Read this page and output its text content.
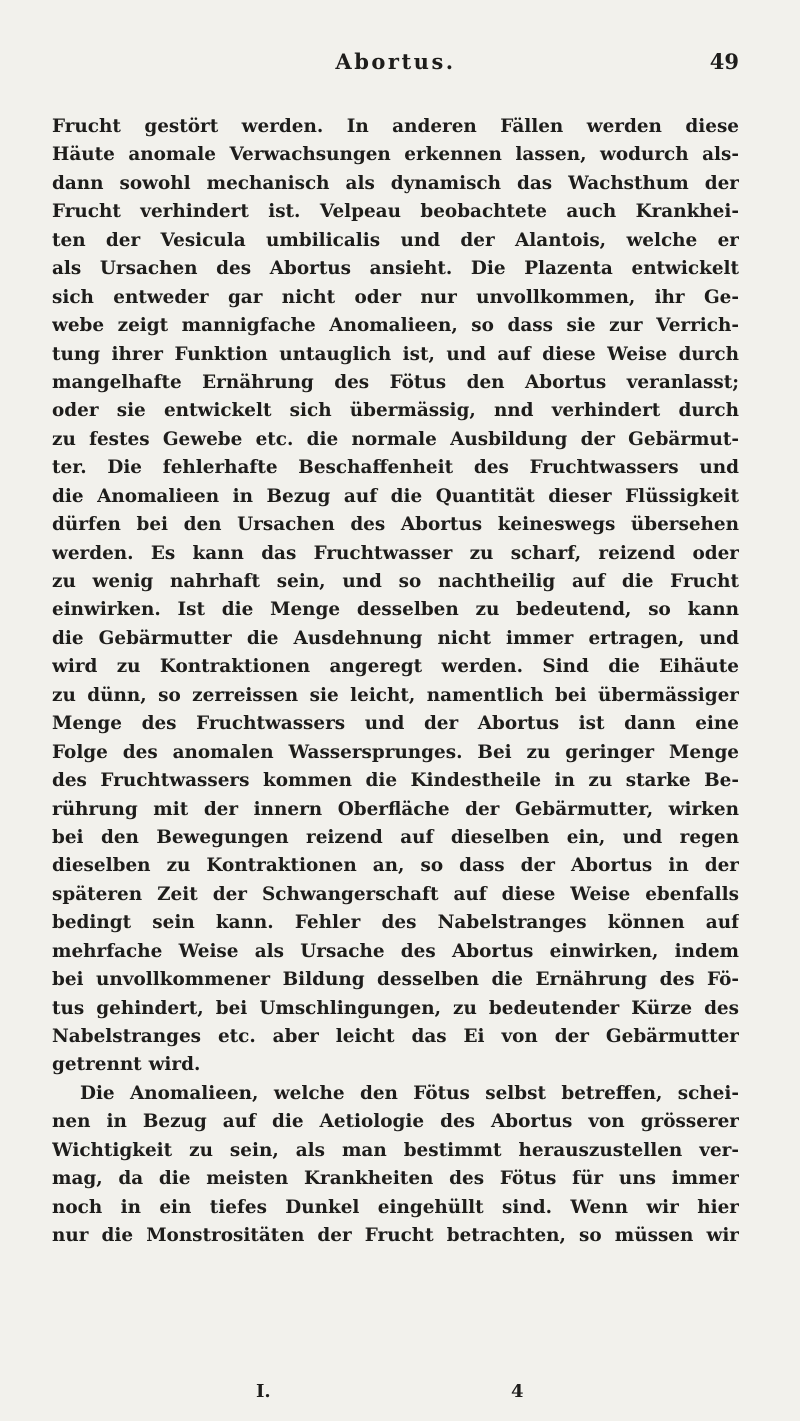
Abortus.	49
Frucht gestört werden. In anderen Fällen werden diese
Häute anomale Verwachsungen erkennen lassen, wodurch als-
dann sowohl mechanisch als dynamisch das Wachsthum der
Frucht verhindert ist. Velpeau beobachtete auch Krankhei-
ten der Vesicula umbilicalis und der Alantois, welche er
als Ursachen des Abortus ansieht. Die Plazenta entwickelt
sich entweder gar nicht oder nur unvollkommen, ihr Ge-
webe zeigt mannigfache Anomalieen, so dass sie zur Verrich-
tung ihrer Funktion untauglich ist, und auf diese Weise durch
mangelhafte Ernährung des Fötus den Abortus veranlasst;
oder sie entwickelt sich übermässig, nnd verhindert durch
zu festes Gewebe etc. die normale Ausbildung der Gebärmut-
ter. Die fehlerhafte Beschaffenheit des Fruchtwassers und
die Anomalieen in Bezug auf die Quantität dieser Flüssigkeit
dürfen bei den Ursachen des Abortus keineswegs übersehen
werden. Es kann das Fruchtwasser zu scharf, reizend oder
zu wenig nahrhaft sein, und so nachtheilig auf die Frucht
einwirken. Ist die Menge desselben zu bedeutend, so kann
die Gebärmutter die Ausdehnung nicht immer ertragen, und
wird zu Kontraktionen angeregt werden. Sind die Eihäute
zu dünn, so zerreissen sie leicht, namentlich bei übermässiger
Menge des Fruchtwassers und der Abortus ist dann eine
Folge des anomalen Wassersprunges. Bei zu geringer Menge
des Fruchtwassers kommen die Kindestheile in zu starke Be-
rührung mit der innern Oberfläche der Gebärmutter, wirken
bei den Bewegungen reizend auf dieselben ein, und regen
dieselben zu Kontraktionen an, so dass der Abortus in der
späteren Zeit der Schwangerschaft auf diese Weise ebenfalls
bedingt sein kann. Fehler des Nabelstranges können auf
mehrfache Weise als Ursache des Abortus einwirken, indem
bei unvollkommener Bildung desselben die Ernährung des Fö-
tus gehindert, bei Umschlingungen, zu bedeutender Kürze des
Nabelstranges etc. aber leicht das Ei von der Gebärmutter
getrennt wird.
Die Anomalieen, welche den Fötus selbst betreffen, schei-
nen in Bezug auf die Aetiologie des Abortus von grösserer
Wichtigkeit zu sein, als man bestimmt herauszustellen ver-
mag, da die meisten Krankheiten des Fötus für uns immer
noch in ein tiefes Dunkel eingehüllt sind. Wenn wir hier
nur die Monstrositäten der Frucht betrachten, so müssen wir
I.	4
